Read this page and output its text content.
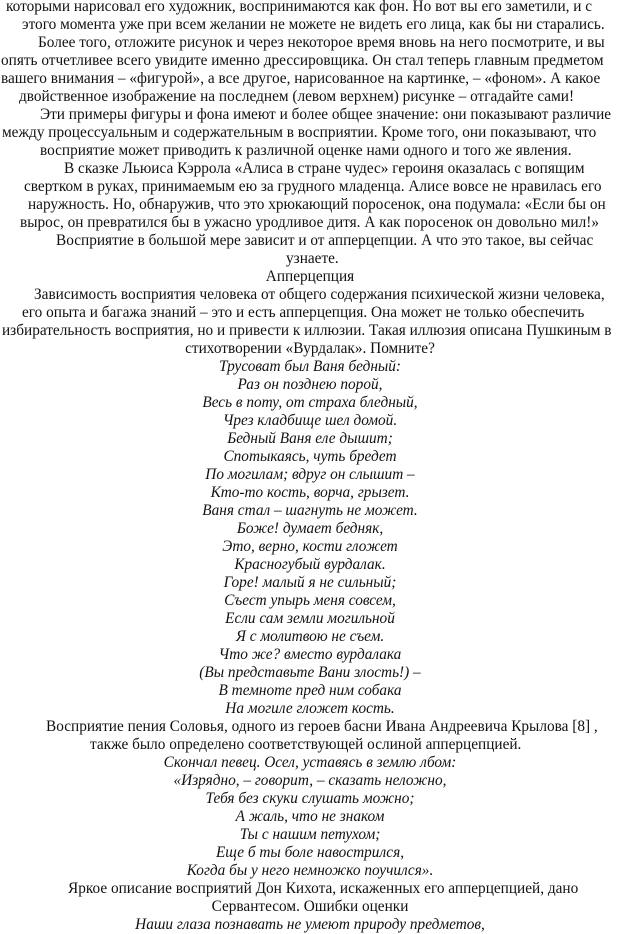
которыми нарисовал его художник, воспринимаются как фон. Но вот вы его заметили, и с
этого момента уже при всем желании не можете не видеть его лица, как бы ни старались.
Более того, отложите рисунок и через некоторое время вновь на него посмотрите, и вы
опять отчетливее всего увидите именно дрессировщика. Он стал теперь главным предметом
вашего внимания – «фигурой», а все другое, нарисованное на картинке, – «фоном». А какое
двойственное изображение на последнем (левом верхнем) рисунке – отгадайте сами!
Эти примеры фигуры и фона имеют и более общее значение: они показывают различие
между процессуальным и содержательным в восприятии. Кроме того, они показывают, что
восприятие может приводить к различной оценке нами одного и того же явления.
В сказке Льюиса Кэррола «Алиса в стране чудес» героиня оказалась с вопящим
свертком в руках, принимаемым ею за грудного младенца. Алисе вовсе не нравилась его
наружность. Но, обнаружив, что это хрюкающий поросенок, она подумала: «Если бы он
вырос, он превратился бы в ужасно уродливое дитя. А как поросенок он довольно мил!»
Восприятие в большой мере зависит и от апперцепции. А что это такое, вы сейчас
узнаете.
Апперцепция
Зависимость восприятия человека от общего содержания психической жизни человека,
его опыта и багажа знаний – это и есть апперцепция. Она может не только обеспечить
избирательность восприятия, но и привести к иллюзии. Такая иллюзия описана Пушкиным в
стихотворении «Вурдалак». Помните?
Трусоват был Ваня бедный:
Раз он позднею порой,
Весь в поту, от страха бледный,
Чрез кладбище шел домой.
Бедный Ваня еле дышит;
Спотыкаясь, чуть бредет
По могилам; вдруг он слышит –
Кто-то кость, ворча, грызет.
Ваня стал – шагнуть не может.
Боже! думает бедняк,
Это, верно, кости гложет
Красногубый вурдалак.
Горе! малый я не сильный;
Съест упырь меня совсем,
Если сам земли могильной
Я с молитвою не съем.
Что же? вместо вурдалака
(Вы представьте Вани злость!) –
В темноте пред ним собака
На могиле гложет кость.
Восприятие пения Соловья, одного из героев басни Ивана Андреевича Крылова [8] ,
также было определено соответствующей ослиной апперцепцией.
Скончал певец. Осел, уставясь в землю лбом:
«Изрядно, – говорит, – сказать неложно,
Тебя без скуки слушать можно;
А жаль, что не знаком
Ты с нашим петухом;
Еще б ты боле навострился,
Когда бы у него немножко поучился».
Яркое описание восприятий Дон Кихота, искаженных его апперцепцией, дано
Сервантесом. Ошибки оценки
Наши глаза познавать не умеют природу предметов,
